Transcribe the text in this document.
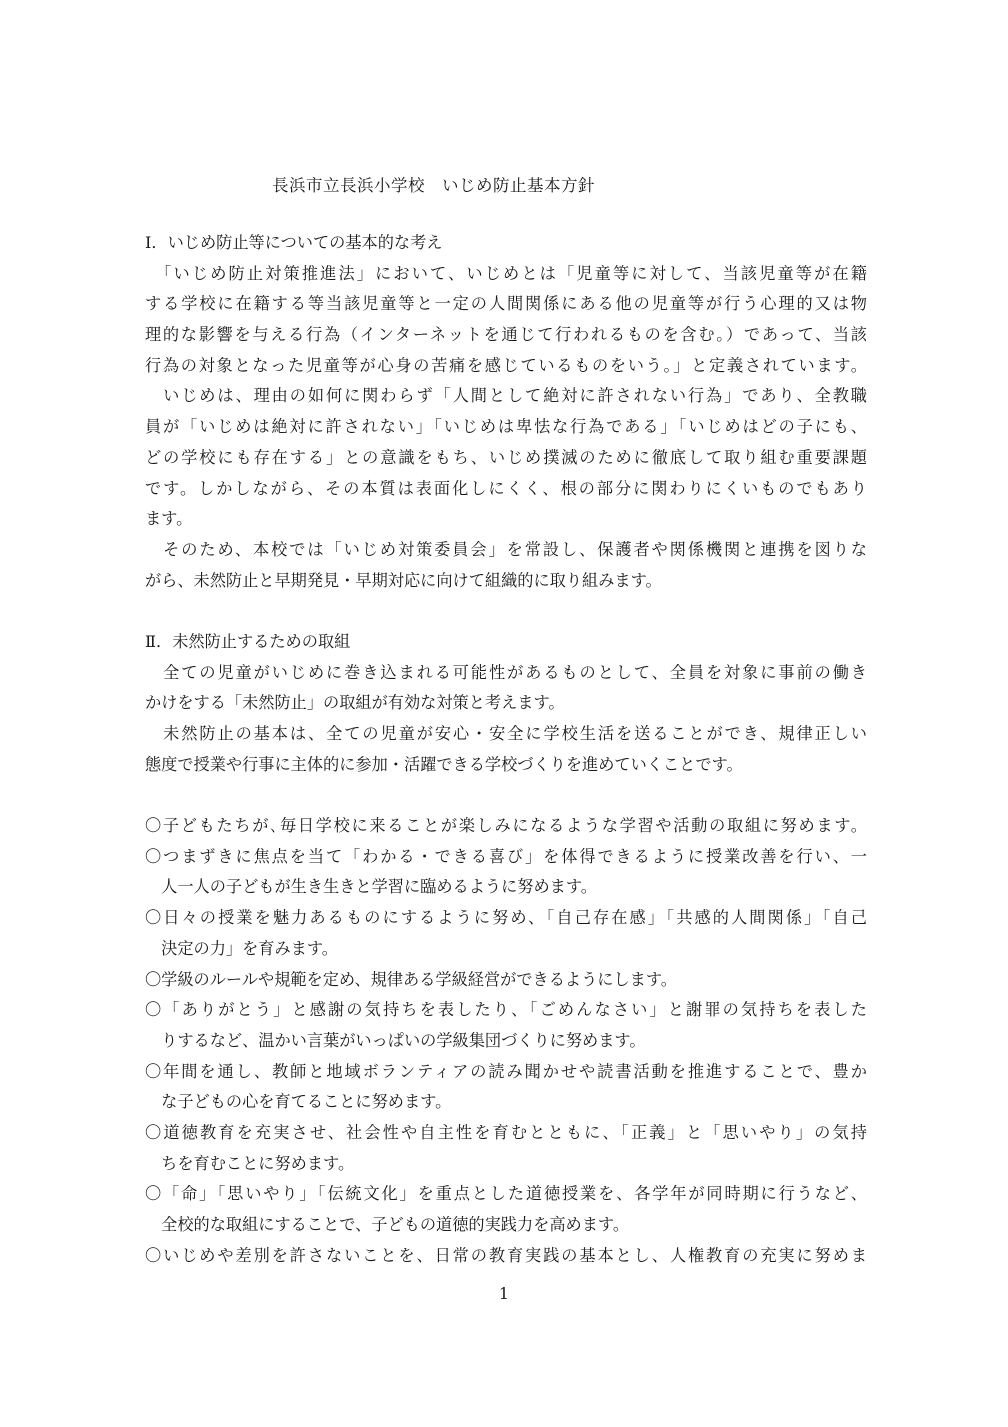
長浜市立長浜小学校　いじめ防止基本方針
Ⅰ．いじめ防止等についての基本的な考え
　「いじめ防止対策推進法」において、いじめとは「児童等に対して、当該児童等が在籍
する学校に在籍する等当該児童等と一定の人間関係にある他の児童等が行う心理的又は物
理的な影響を与える行為（インターネットを通じて行われるものを含む。）であって、当該
行為の対象となった児童等が心身の苦痛を感じているものをいう。」と定義されています。
　いじめは、理由の如何に関わらず「人間として絶対に許されない行為」であり、全教職
員が「いじめは絶対に許されない」「いじめは卑怯な行為である」「いじめはどの子にも、
どの学校にも存在する」との意識をもち、いじめ撲滅のために徹底して取り組む重要課題
です。しかしながら、その本質は表面化しにくく、根の部分に関わりにくいものでもあり
ます。
　そのため、本校では「いじめ対策委員会」を常設し、保護者や関係機関と連携を図りな
がら、未然防止と早期発見・早期対応に向けて組織的に取り組みます。
Ⅱ．未然防止するための取組
　全ての児童がいじめに巻き込まれる可能性があるものとして、全員を対象に事前の働き
かけをする「未然防止」の取組が有効な対策と考えます。
　未然防止の基本は、全ての児童が安心・安全に学校生活を送ることができ、規律正しい
態度で授業や行事に主体的に参加・活躍できる学校づくりを進めていくことです。
〇子どもたちが､毎日学校に来ることが楽しみになるような学習や活動の取組に努めます。
〇つまずきに焦点を当て「わかる・できる喜び」を体得できるように授業改善を行い、一
　人一人の子どもが生き生きと学習に臨めるように努めます。
〇日々の授業を魅力あるものにするように努め、「自己存在感」「共感的人間関係」「自己
　決定の力」を育みます。
〇学級のルールや規範を定め、規律ある学級経営ができるようにします。
〇「ありがとう」と感謝の気持ちを表したり、「ごめんなさい」と謝罪の気持ちを表した
　りするなど、温かい言葉がいっぱいの学級集団づくりに努めます。
〇年間を通し、教師と地域ボランティアの読み聞かせや読書活動を推進することで、豊か
　な子どもの心を育てることに努めます。
〇道徳教育を充実させ、社会性や自主性を育むとともに、「正義」と「思いやり」の気持
　ちを育むことに努めます。
〇「命」「思いやり」「伝統文化」を重点とした道徳授業を、各学年が同時期に行うなど、
　全校的な取組にすることで、子どもの道徳的実践力を高めます。
〇いじめや差別を許さないことを、日常の教育実践の基本とし、人権教育の充実に努めま
1
